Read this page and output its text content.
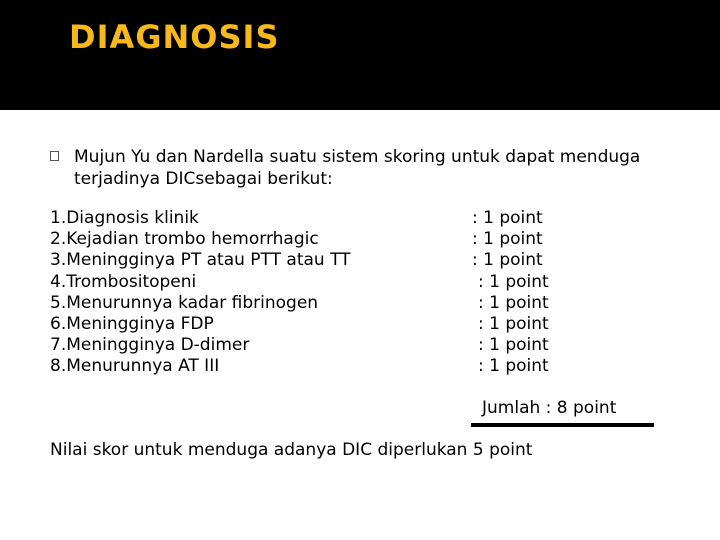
DIAGNOSIS
Mujun Yu dan Nardella suatu sistem skoring untuk dapat menduga terjadinya DICsebagai berikut:
1.Diagnosis klinik	: 1 point
2.Kejadian trombo hemorrhagic	: 1 point
3.Meningginya PT atau PTT atau TT	: 1 point
4.Trombositopeni	: 1 point
5.Menurunnya kadar fibrinogen	: 1 point
6.Meningginya FDP	: 1 point
7.Meningginya D-dimer	: 1 point
8.Menurunnya AT III	: 1 point
Jumlah : 8 point
Nilai skor untuk menduga adanya DIC diperlukan 5 point
